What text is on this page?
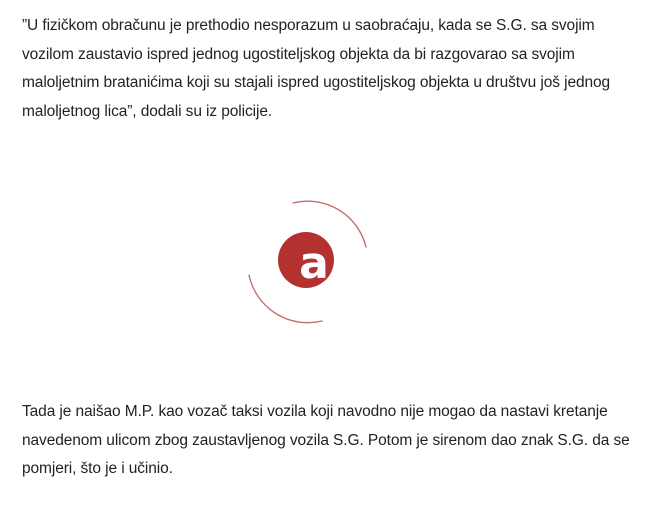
”U fizičkom obračunu je prethodio nesporazum u saobraćaju, kada se S.G. sa svojim
vozilom zaustavio ispred jednog ugostiteljskog objekta da bi razgovarao sa svojim
maloljetnim bratanićima koji su stajali ispred ugostiteljskog objekta u društvu još jednog
maloljetnog lica”, dodali su iz policije.

a

Tada je naišao M.P. kao vozač taksi vozila koji navodno nije mogao da nastavi kretanje
navedenom ulicom zbog zaustavljenog vozila S.G. Potom je sirenom dao znak S.G. da se
pomjeri, što je i učinio.
